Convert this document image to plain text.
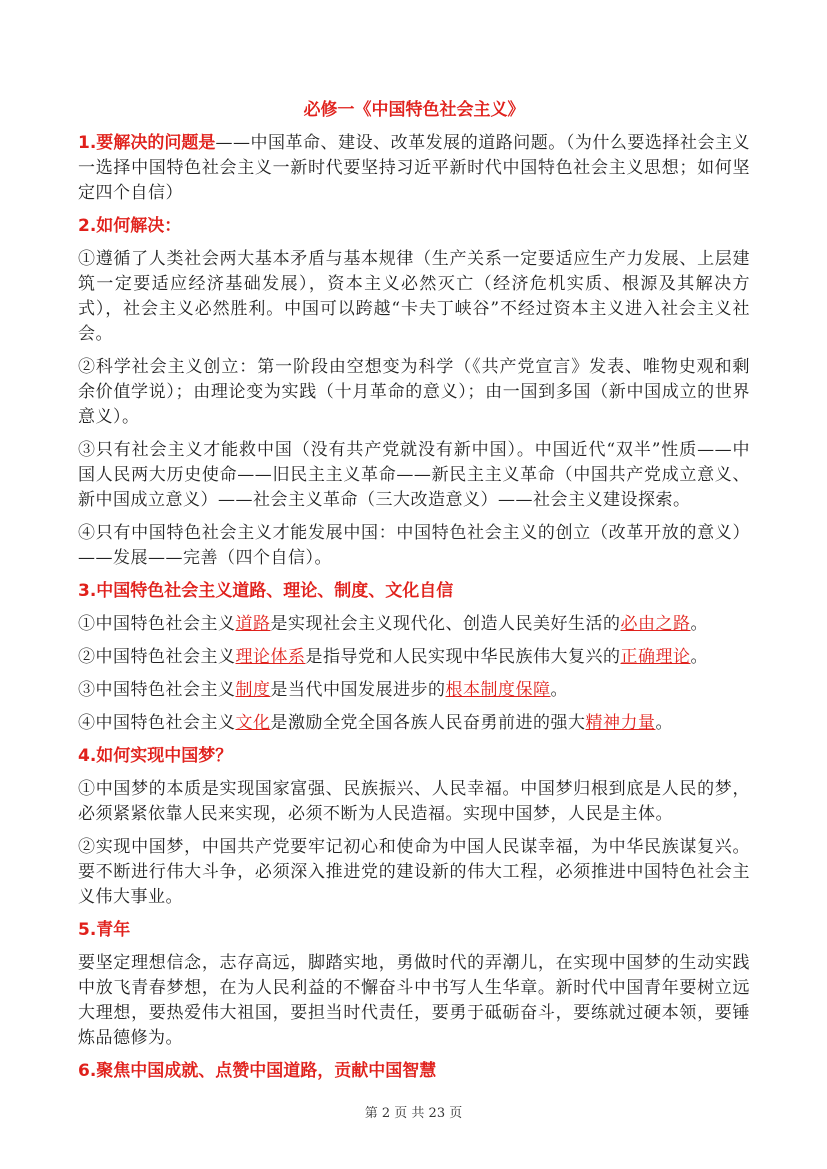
必修一《中国特色社会主义》
1.要解决的问题是——中国革命、建设、改革发展的道路问题。（为什么要选择社会主义一选择中国特色社会主义一新时代要坚持习近平新时代中国特色社会主义思想；如何坚定四个自信）
2.如何解决：
①遵循了人类社会两大基本矛盾与基本规律（生产关系一定要适应生产力发展、上层建筑一定要适应经济基础发展），资本主义必然灭亡（经济危机实质、根源及其解决方式），社会主义必然胜利。中国可以跨越“卡夫丁峡谷”不经过资本主义进入社会主义社会。
②科学社会主义创立：第一阶段由空想变为科学（《共产党宣言》发表、唯物史观和剩余价值学说）；由理论变为实践（十月革命的意义）；由一国到多国（新中国成立的世界意义）。
③只有社会主义才能救中国（没有共产党就没有新中国）。中国近代“双半”性质——中国人民两大历史使命——旧民主主义革命——新民主主义革命（中国共产党成立意义、新中国成立意义）——社会主义革命（三大改造意义）——社会主义建设探索。
④只有中国特色社会主义才能发展中国：中国特色社会主义的创立（改革开放的意义）——发展——完善（四个自信）。
3.中国特色社会主义道路、理论、制度、文化自信
①中国特色社会主义道路是实现社会主义现代化、创造人民美好生活的必由之路。
②中国特色社会主义理论体系是指导党和人民实现中华民族伟大复兴的正确理论。
③中国特色社会主义制度是当代中国发展进步的根本制度保障。
④中国特色社会主义文化是激励全党全国各族人民奋勇前进的强大精神力量。
4.如何实现中国梦？
①中国梦的本质是实现国家富强、民族振兴、人民幸福。中国梦归根到底是人民的梦，必须紧紧依靠人民来实现，必须不断为人民造福。实现中国梦，人民是主体。
②实现中国梦，中国共产党要牢记初心和使命为中国人民谋幸福，为中华民族谋复兴。要不断进行伟大斗争，必须深入推进党的建设新的伟大工程，必须推进中国特色社会主义伟大事业。
5.青年
要坚定理想信念，志存高远，脚踏实地，勇做时代的弄潮儿，在实现中国梦的生动实践中放飞青春梦想，在为人民利益的不懈奋斗中书写人生华章。新时代中国青年要树立远大理想，要热爱伟大祖国，要担当时代责任，要勇于砥砺奋斗，要练就过硬本领，要锤炼品德修为。
6.聚焦中国成就、点赞中国道路，贡献中国智慧
第 2 页 共 23 页
